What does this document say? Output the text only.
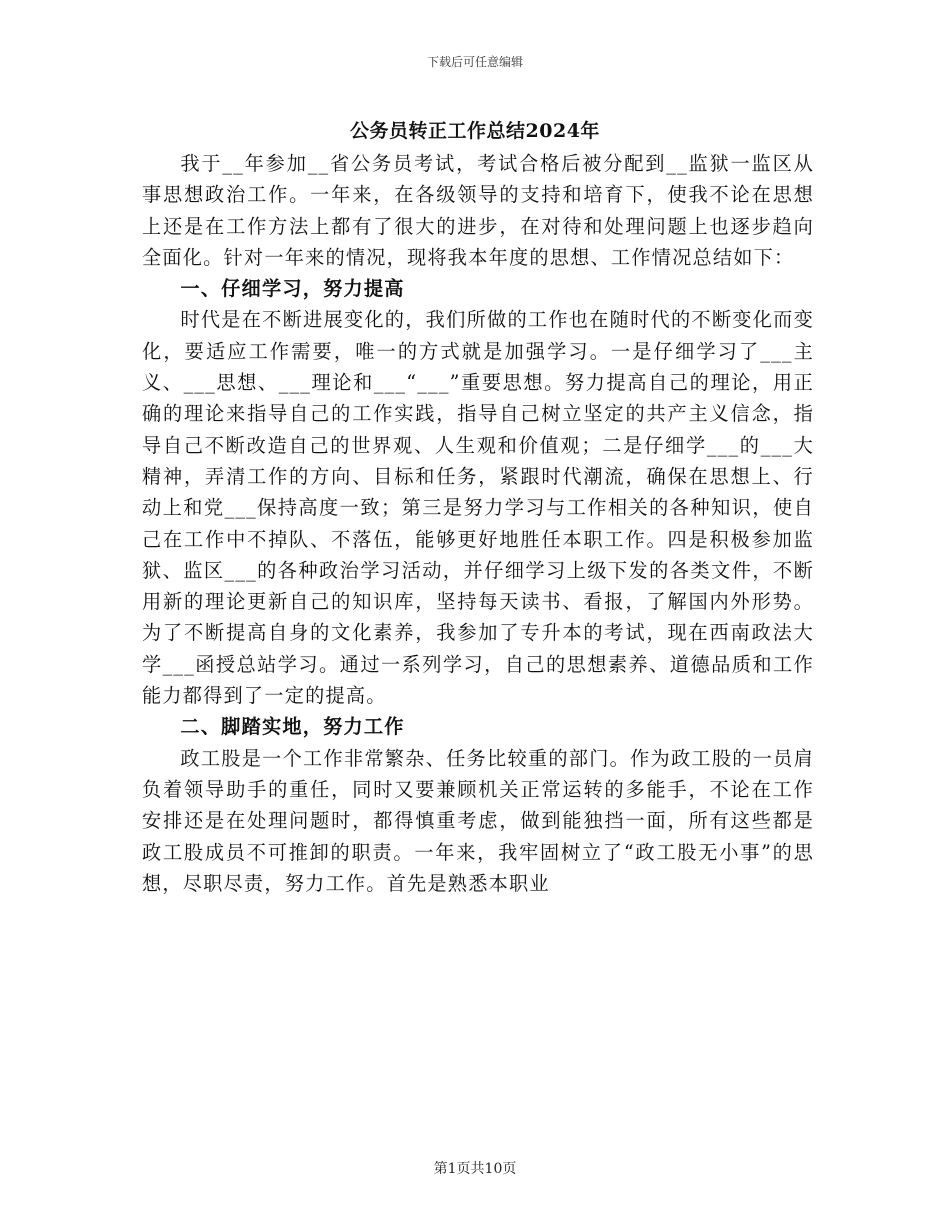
下载后可任意编辑
公务员转正工作总结2024年

我于__年参加__省公务员考试，考试合格后被分配到__监狱一监区从事思想政治工作。一年来，在各级领导的支持和培育下，使我不论在思想上还是在工作方法上都有了很大的进步，在对待和处理问题上也逐步趋向全面化。针对一年来的情况，现将我本年度的思想、工作情况总结如下：

一、仔细学习，努力提高

时代是在不断进展变化的，我们所做的工作也在随时代的不断变化而变化，要适应工作需要，唯一的方式就是加强学习。一是仔细学习了___主义、___思想、___理论和___“___”重要思想。努力提高自己的理论，用正确的理论来指导自己的工作实践，指导自己树立坚定的共产主义信念，指导自己不断改造自己的世界观、人生观和价值观；二是仔细学___的___大精神，弄清工作的方向、目标和任务，紧跟时代潮流，确保在思想上、行动上和党___保持高度一致；第三是努力学习与工作相关的各种知识，使自己在工作中不掉队、不落伍，能够更好地胜任本职工作。四是积极参加监狱、监区___的各种政治学习活动，并仔细学习上级下发的各类文件，不断用新的理论更新自己的知识库，坚持每天读书、看报，了解国内外形势。为了不断提高自身的文化素养，我参加了专升本的考试，现在西南政法大学___函授总站学习。通过一系列学习，自己的思想素养、道德品质和工作能力都得到了一定的提高。

二、脚踏实地，努力工作

政工股是一个工作非常繁杂、任务比较重的部门。作为政工股的一员肩负着领导助手的重任，同时又要兼顾机关正常运转的多能手，不论在工作安排还是在处理问题时，都得慎重考虑，做到能独挡一面，所有这些都是政工股成员不可推卸的职责。一年来，我牢固树立了“政工股无小事”的思想，尽职尽责，努力工作。首先是熟悉本职业

第1页共10页
